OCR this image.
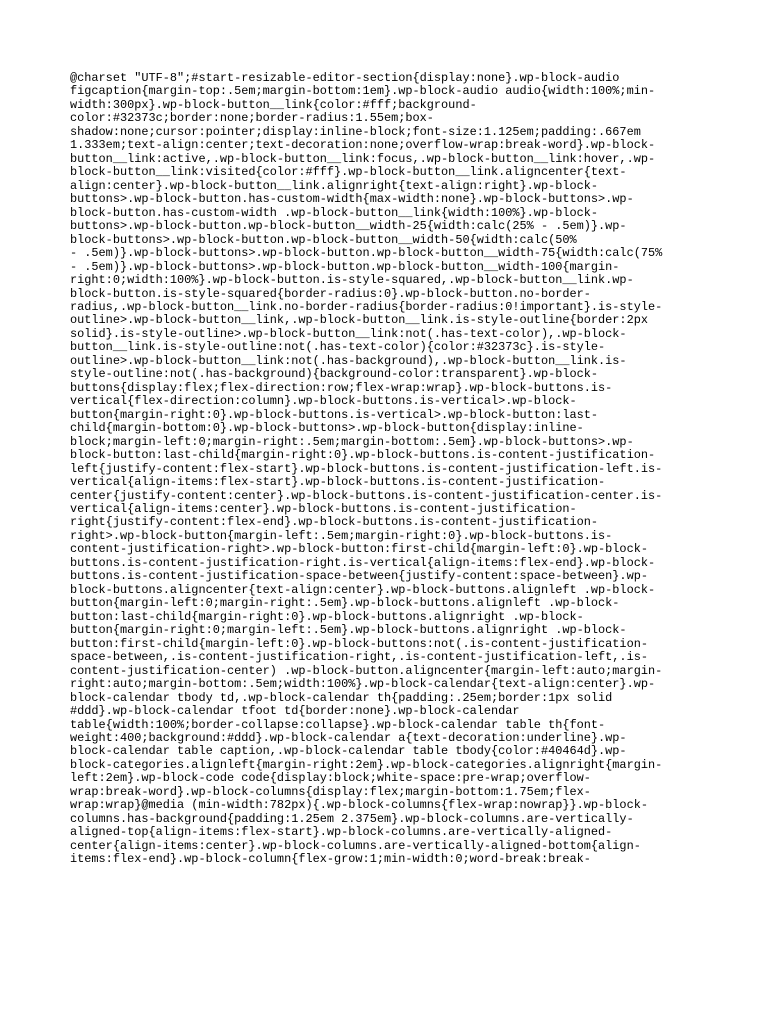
@charset "UTF-8";#start-resizable-editor-section{display:none}.wp-block-audio
figcaption{margin-top:.5em;margin-bottom:1em}.wp-block-audio audio{width:100%;min-
width:300px}.wp-block-button__link{color:#fff;background-
color:#32373c;border:none;border-radius:1.55em;box-
shadow:none;cursor:pointer;display:inline-block;font-size:1.125em;padding:.667em
1.333em;text-align:center;text-decoration:none;overflow-wrap:break-word}.wp-block-
button__link:active,.wp-block-button__link:focus,.wp-block-button__link:hover,.wp-
block-button__link:visited{color:#fff}.wp-block-button__link.aligncenter{text-
align:center}.wp-block-button__link.alignright{text-align:right}.wp-block-
buttons>.wp-block-button.has-custom-width{max-width:none}.wp-block-buttons>.wp-
block-button.has-custom-width .wp-block-button__link{width:100%}.wp-block-
buttons>.wp-block-button.wp-block-button__width-25{width:calc(25% - .5em)}.wp-
block-buttons>.wp-block-button.wp-block-button__width-50{width:calc(50%
- .5em)}.wp-block-buttons>.wp-block-button.wp-block-button__width-75{width:calc(75%
- .5em)}.wp-block-buttons>.wp-block-button.wp-block-button__width-100{margin-
right:0;width:100%}.wp-block-button.is-style-squared,.wp-block-button__link.wp-
block-button.is-style-squared{border-radius:0}.wp-block-button.no-border-
radius,.wp-block-button__link.no-border-radius{border-radius:0!important}.is-style-
outline>.wp-block-button__link,.wp-block-button__link.is-style-outline{border:2px
solid}.is-style-outline>.wp-block-button__link:not(.has-text-color),.wp-block-
button__link.is-style-outline:not(.has-text-color){color:#32373c}.is-style-
outline>.wp-block-button__link:not(.has-background),.wp-block-button__link.is-
style-outline:not(.has-background){background-color:transparent}.wp-block-
buttons{display:flex;flex-direction:row;flex-wrap:wrap}.wp-block-buttons.is-
vertical{flex-direction:column}.wp-block-buttons.is-vertical>.wp-block-
button{margin-right:0}.wp-block-buttons.is-vertical>.wp-block-button:last-
child{margin-bottom:0}.wp-block-buttons>.wp-block-button{display:inline-
block;margin-left:0;margin-right:.5em;margin-bottom:.5em}.wp-block-buttons>.wp-
block-button:last-child{margin-right:0}.wp-block-buttons.is-content-justification-
left{justify-content:flex-start}.wp-block-buttons.is-content-justification-left.is-
vertical{align-items:flex-start}.wp-block-buttons.is-content-justification-
center{justify-content:center}.wp-block-buttons.is-content-justification-center.is-
vertical{align-items:center}.wp-block-buttons.is-content-justification-
right{justify-content:flex-end}.wp-block-buttons.is-content-justification-
right>.wp-block-button{margin-left:.5em;margin-right:0}.wp-block-buttons.is-
content-justification-right>.wp-block-button:first-child{margin-left:0}.wp-block-
buttons.is-content-justification-right.is-vertical{align-items:flex-end}.wp-block-
buttons.is-content-justification-space-between{justify-content:space-between}.wp-
block-buttons.aligncenter{text-align:center}.wp-block-buttons.alignleft .wp-block-
button{margin-left:0;margin-right:.5em}.wp-block-buttons.alignleft .wp-block-
button:last-child{margin-right:0}.wp-block-buttons.alignright .wp-block-
button{margin-right:0;margin-left:.5em}.wp-block-buttons.alignright .wp-block-
button:first-child{margin-left:0}.wp-block-buttons:not(.is-content-justification-
space-between,.is-content-justification-right,.is-content-justification-left,.is-
content-justification-center) .wp-block-button.aligncenter{margin-left:auto;margin-
right:auto;margin-bottom:.5em;width:100%}.wp-block-calendar{text-align:center}.wp-
block-calendar tbody td,.wp-block-calendar th{padding:.25em;border:1px solid
#ddd}.wp-block-calendar tfoot td{border:none}.wp-block-calendar
table{width:100%;border-collapse:collapse}.wp-block-calendar table th{font-
weight:400;background:#ddd}.wp-block-calendar a{text-decoration:underline}.wp-
block-calendar table caption,.wp-block-calendar table tbody{color:#40464d}.wp-
block-categories.alignleft{margin-right:2em}.wp-block-categories.alignright{margin-
left:2em}.wp-block-code code{display:block;white-space:pre-wrap;overflow-
wrap:break-word}.wp-block-columns{display:flex;margin-bottom:1.75em;flex-
wrap:wrap}@media (min-width:782px){.wp-block-columns{flex-wrap:nowrap}}.wp-block-
columns.has-background{padding:1.25em 2.375em}.wp-block-columns.are-vertically-
aligned-top{align-items:flex-start}.wp-block-columns.are-vertically-aligned-
center{align-items:center}.wp-block-columns.are-vertically-aligned-bottom{align-
items:flex-end}.wp-block-column{flex-grow:1;min-width:0;word-break:break-
